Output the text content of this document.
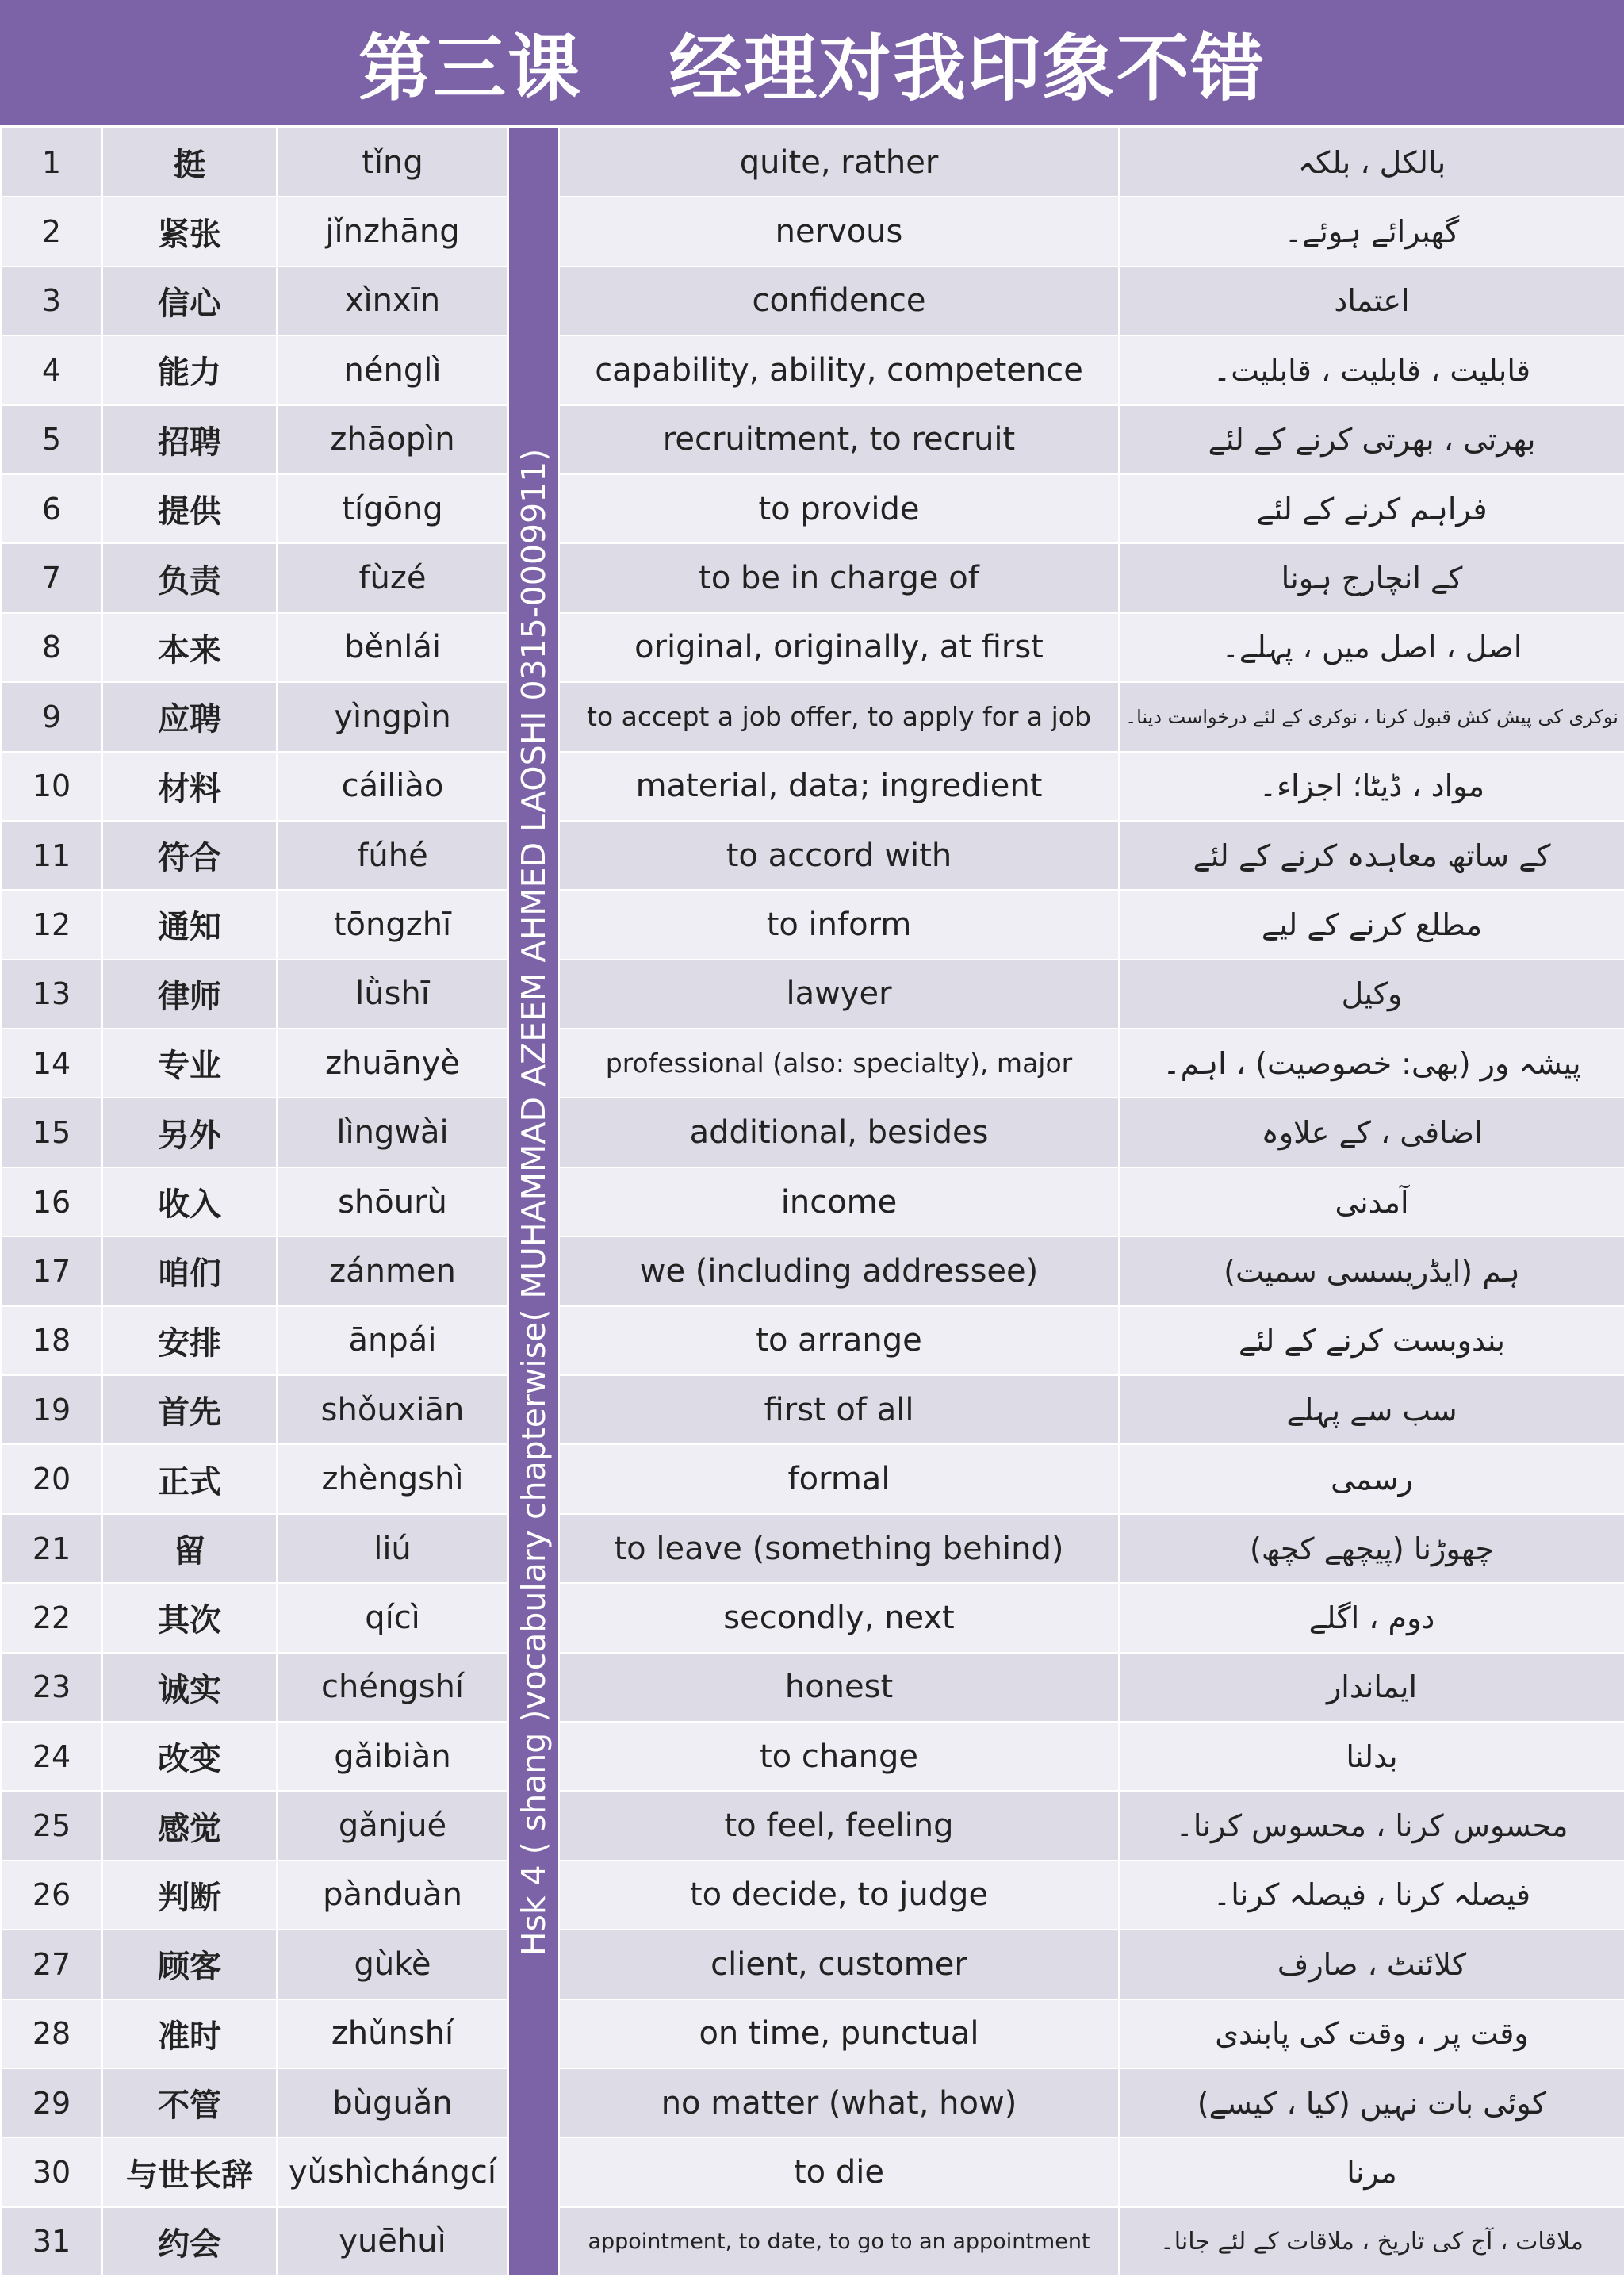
第三课 经理对我印象不错
1	挺	tǐng	Hsk 4 ( shang )vocabulary chapterwise( MUHAMMAD AZEEM AHMED LAOSHI 0315-0009911)	quite, rather	بالکل ، بلکہ
2	紧张	jǐnzhāng		nervous	گھبرائے ہوئے۔
3	信心	xìnxīn		confidence	اعتماد
4	能力	nénglì		capability, ability, competence	قابلیت ، قابلیت ، قابلیت۔
5	招聘	zhāopìn		recruitment, to recruit	بھرتی ، بھرتی کرنے کے لئے
6	提供	tígōng		to provide	فراہم کرنے کے لئے
7	负责	fùzé		to be in charge of	کے انچارج ہونا
8	本来	běnlái		original, originally, at first	اصل ، اصل میں ، پہلے۔
9	应聘	yìngpìn		to accept a job offer, to apply for a job	نوکری کی پیش کش قبول کرنا ، نوکری کے لئے درخواست دینا۔
10	材料	cáiliào		material, data; ingredient	مواد ، ڈیٹا؛ اجزاء۔
11	符合	fúhé		to accord with	کے ساتھ معاہدہ کرنے کے لئے
12	通知	tōngzhī		to inform	مطلع کرنے کے لیے
13	律师	lǜshī		lawyer	وکیل
14	专业	zhuānyè		professional (also: specialty), major	پیشہ ور (بھی: خصوصیت) ، اہم۔
15	另外	lìngwài		additional, besides	اضافی ، کے علاوہ
16	收入	shōurù		income	آمدنی
17	咱们	zánmen		we (including addressee)	ہم (ایڈریسسی سمیت)
18	安排	ānpái		to arrange	بندوبست کرنے کے لئے
19	首先	shǒuxiān		first of all	سب سے پہلے
20	正式	zhèngshì		formal	رسمی
21	留	liú		to leave (something behind)	چھوڑنا (پیچھے کچھ)
22	其次	qícì		secondly, next	دوم ، اگلے
23	诚实	chéngshí		honest	ایماندار
24	改变	gǎibiàn		to change	بدلنا
25	感觉	gǎnjué		to feel, feeling	محسوس کرنا ، محسوس کرنا۔
26	判断	pànduàn		to decide, to judge	فیصلہ کرنا ، فیصلہ کرنا۔
27	顾客	gùkè		client, customer	کلائنٹ ، صارف
28	准时	zhǔnshí		on time, punctual	وقت پر ، وقت کی پابندی
29	不管	bùguǎn		no matter (what, how)	کوئی بات نہیں (کیا ، کیسے)
30	与世长辞	yǔshìchángcí		to die	مرنا
31	约会	yuēhuì		appointment, to date, to go to an appointment	ملاقات ، آج کی تاریخ ، ملاقات کے لئے جانا۔
